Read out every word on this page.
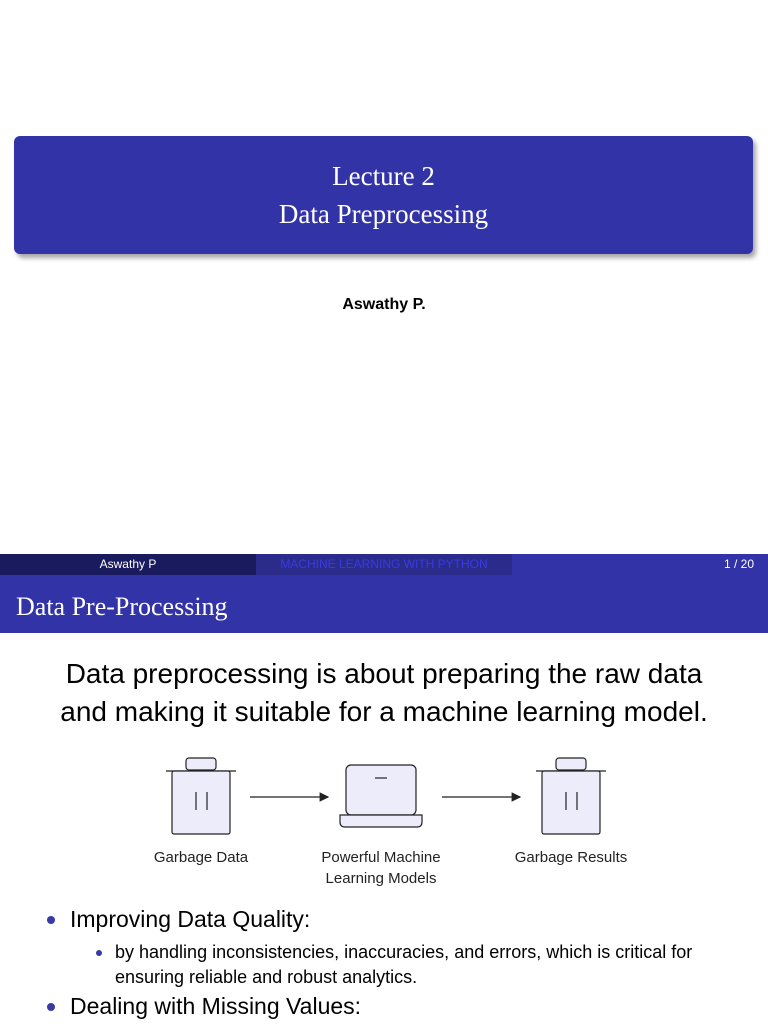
Lecture 2
Data Preprocessing
Aswathy P.
Aswathy P	MACHINE LEARNING WITH PYTHON	1 / 20
Data Pre-Processing
Data preprocessing is about preparing the raw data
and making it suitable for a machine learning model.
Garbage Data	Powerful Machine
Learning Models
Garbage Results
Improving Data Quality:
by handling inconsistencies, inaccuracies, and errors, which is critical for ensuring reliable and robust analytics.
Dealing with Missing Values:
